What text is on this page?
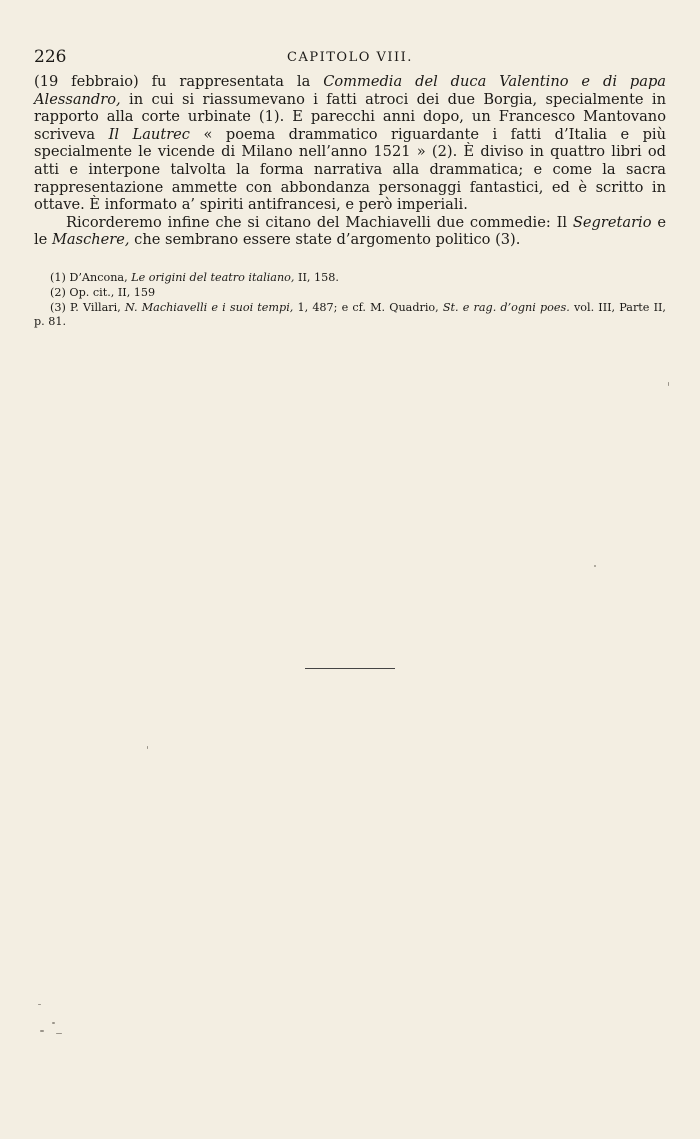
226	CAPITOLO VIII.

(19 febbraio) fu rappresentata la Commedia del duca Valentino e di papa Alessandro, in cui si riassumevano i fatti atroci dei due Borgia, specialmente in rapporto alla corte urbinate (1). E parecchi anni dopo, un Francesco Mantovano scriveva Il Lautrec « poema drammatico riguardante i fatti d’Italia e più specialmente le vicende di Milano nell’anno 1521 » (2). È diviso in quattro libri od atti e interpone talvolta la forma narrativa alla drammatica; e come la sacra rappresentazione ammette con abbondanza personaggi fantastici, ed è scritto in ottave. È informato a’ spiriti antifrancesi, e però imperiali.

Ricorderemo infine che si citano del Machiavelli due commedie: Il Segretario e le Maschere, che sembrano essere state d’argomento politico (3).

(1) D’Ancona, Le origini del teatro italiano, II, 158.

(2) Op. cit., II, 159

(3) P. Villari, N. Machiavelli e i suoi tempi, 1, 487; e cf. M. Quadrio, St. e rag. d’ogni poes. vol. III, Parte II, p. 81.
